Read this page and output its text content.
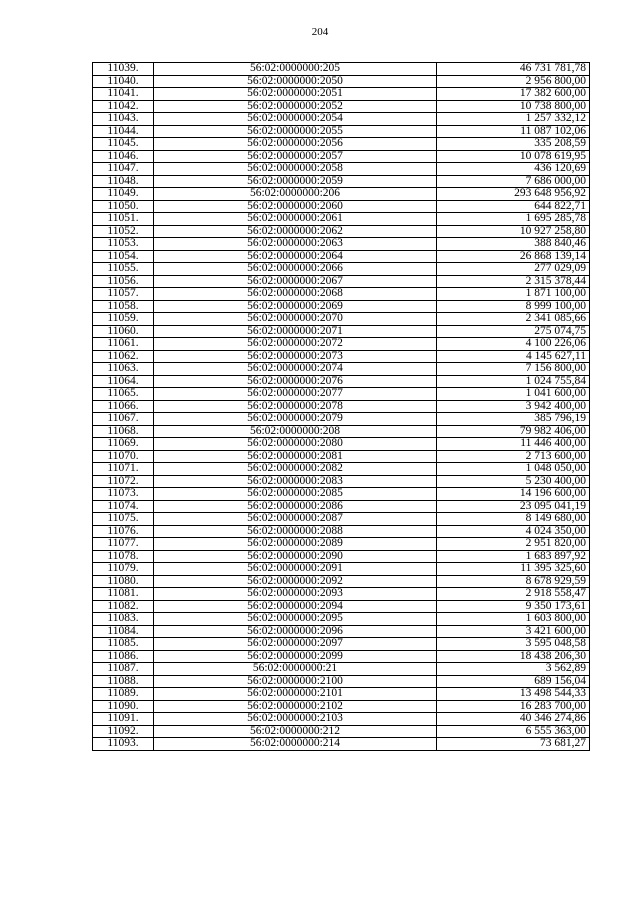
204
11039.	56:02:0000000:205	46 731 781,78
11040.	56:02:0000000:2050	2 956 800,00
11041.	56:02:0000000:2051	17 382 600,00
11042.	56:02:0000000:2052	10 738 800,00
11043.	56:02:0000000:2054	1 257 332,12
11044.	56:02:0000000:2055	11 087 102,06
11045.	56:02:0000000:2056	335 208,59
11046.	56:02:0000000:2057	10 078 619,95
11047.	56:02:0000000:2058	436 120,69
11048.	56:02:0000000:2059	7 686 000,00
11049.	56:02:0000000:206	293 648 956,92
11050.	56:02:0000000:2060	644 822,71
11051.	56:02:0000000:2061	1 695 285,78
11052.	56:02:0000000:2062	10 927 258,80
11053.	56:02:0000000:2063	388 840,46
11054.	56:02:0000000:2064	26 868 139,14
11055.	56:02:0000000:2066	277 029,09
11056.	56:02:0000000:2067	2 315 378,44
11057.	56:02:0000000:2068	1 871 100,00
11058.	56:02:0000000:2069	8 999 100,00
11059.	56:02:0000000:2070	2 341 085,66
11060.	56:02:0000000:2071	275 074,75
11061.	56:02:0000000:2072	4 100 226,06
11062.	56:02:0000000:2073	4 145 627,11
11063.	56:02:0000000:2074	7 156 800,00
11064.	56:02:0000000:2076	1 024 755,84
11065.	56:02:0000000:2077	1 041 600,00
11066.	56:02:0000000:2078	3 942 400,00
11067.	56:02:0000000:2079	385 796,19
11068.	56:02:0000000:208	79 982 406,00
11069.	56:02:0000000:2080	11 446 400,00
11070.	56:02:0000000:2081	2 713 600,00
11071.	56:02:0000000:2082	1 048 050,00
11072.	56:02:0000000:2083	5 230 400,00
11073.	56:02:0000000:2085	14 196 600,00
11074.	56:02:0000000:2086	23 095 041,19
11075.	56:02:0000000:2087	8 149 680,00
11076.	56:02:0000000:2088	4 024 350,00
11077.	56:02:0000000:2089	2 951 820,00
11078.	56:02:0000000:2090	1 683 897,92
11079.	56:02:0000000:2091	11 395 325,60
11080.	56:02:0000000:2092	8 678 929,59
11081.	56:02:0000000:2093	2 918 558,47
11082.	56:02:0000000:2094	9 350 173,61
11083.	56:02:0000000:2095	1 603 800,00
11084.	56:02:0000000:2096	3 421 600,00
11085.	56:02:0000000:2097	3 595 048,58
11086.	56:02:0000000:2099	18 438 206,30
11087.	56:02:0000000:21	3 562,89
11088.	56:02:0000000:2100	689 156,04
11089.	56:02:0000000:2101	13 498 544,33
11090.	56:02:0000000:2102	16 283 700,00
11091.	56:02:0000000:2103	40 346 274,86
11092.	56:02:0000000:212	6 555 363,00
11093.	56:02:0000000:214	73 681,27
